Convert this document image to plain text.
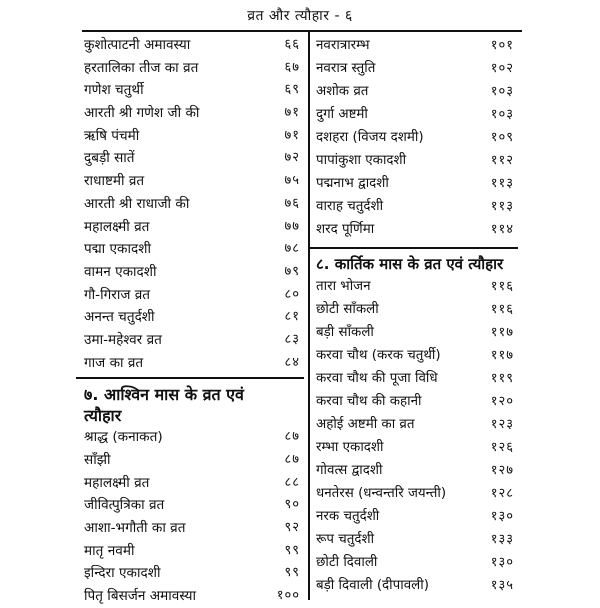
व्रत और त्यौहार - ६
कुशोत्पाटनी अमावस्या	६६
हरतालिका तीज का व्रत	६७
गणेश चतुर्थी	६९
आरती श्री गणेश जी की	७१
ऋषि पंचमी	७१
दुबड़ी सातें	७२
राधाष्टमी व्रत	७५
आरती श्री राधाजी की	७६
महालक्ष्मी व्रत	७७
पद्मा एकादशी	७८
वामन एकादशी	७९
गौ-गिराज व्रत	८०
अनन्त चतुर्दशी	८१
उमा-महेश्वर व्रत	८३
गाज का व्रत	८४
७. आश्विन मास के व्रत एवं
त्यौहार
श्राद्ध (कनाकत)	८७
साँझी	८७
महालक्ष्मी व्रत	८८
जीवित्पुत्रिका व्रत	९०
आशा-भगौती का व्रत	९२
मातृ नवमी	९९
इन्दिरा एकादशी	९९
पितृ बिसर्जन अमावस्या	१००
नवरात्रारम्भ	१०१
नवरात्र स्तुति	१०२
अशोक व्रत	१०३
दुर्गा अष्टमी	१०३
दशहरा (विजय दशमी)	१०९
पापांकुशा एकादशी	११२
पद्मनाभ द्वादशी	११३
वाराह चतुर्दशी	११३
शरद पूर्णिमा	११४
८. कार्तिक मास के व्रत एवं त्यौहार
तारा भोजन	११६
छोटी साँकली	११६
बड़ी साँकली	११७
करवा चौथ (करक चतुर्थी)	११७
करवा चौथ की पूजा विधि	११९
करवा चौथ की कहानी	१२०
अहोई अष्टमी का व्रत	१२३
रम्भा एकादशी	१२६
गोवत्स द्वादशी	१२७
धनतेरस (धन्वन्तरि जयन्ती)	१२८
नरक चतुर्दशी	१३०
रूप चतुर्दशी	१३३
छोटी दिवाली	१३०
बड़ी दिवाली (दीपावली)	१३५
